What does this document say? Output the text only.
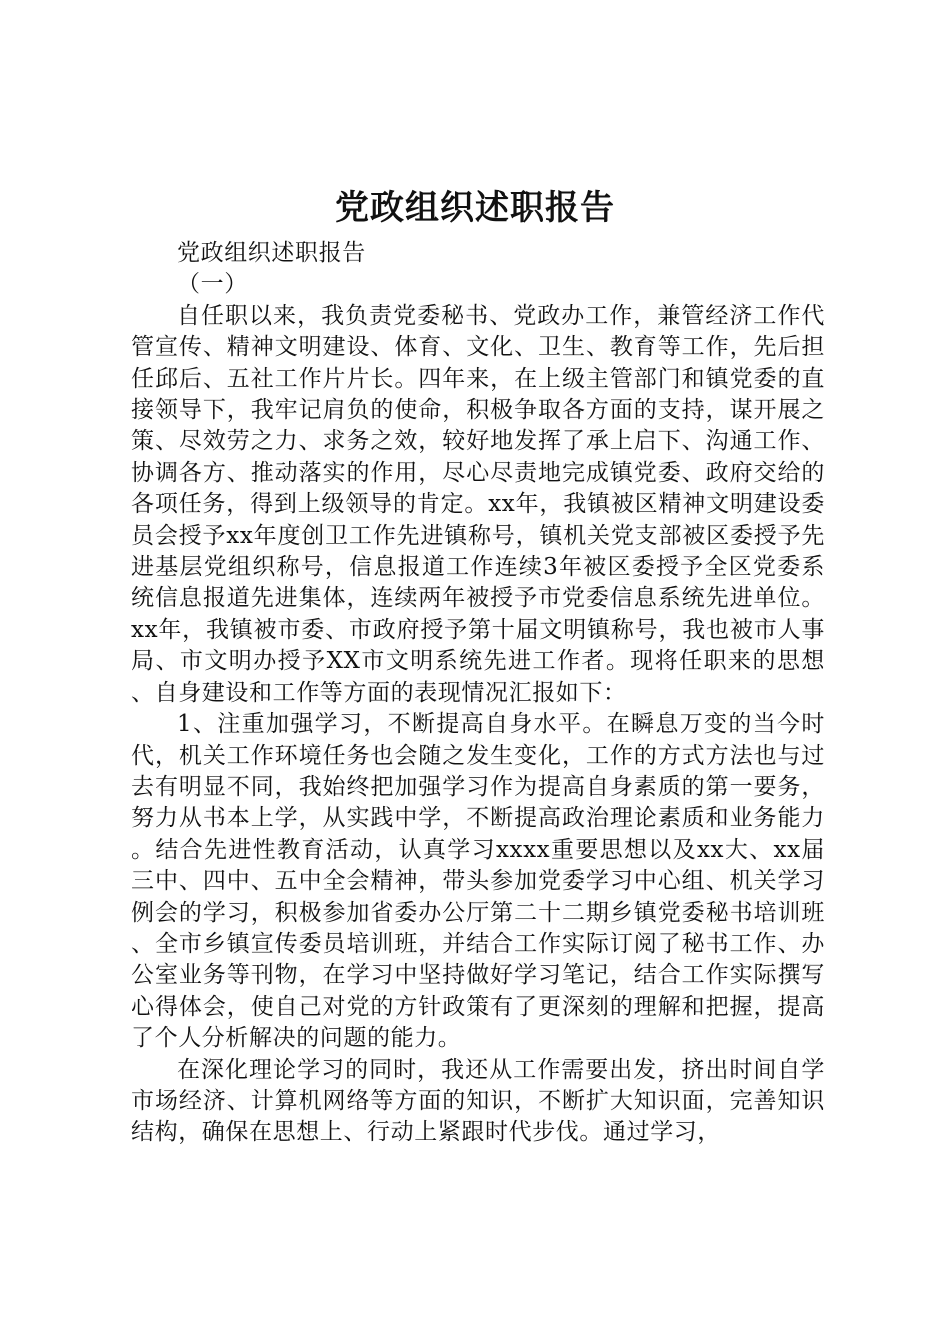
党政组织述职报告

党政组织述职报告

（一）

自任职以来，我负责党委秘书、党政办工作，兼管经济工作代管宣传、精神文明建设、体育、文化、卫生、教育等工作，先后担任邱后、五社工作片片长。四年来，在上级主管部门和镇党委的直接领导下，我牢记肩负的使命，积极争取各方面的支持，谋开展之策、尽效劳之力、求务之效，较好地发挥了承上启下、沟通工作、协调各方、推动落实的作用，尽心尽责地完成镇党委、政府交给的各项任务，得到上级领导的肯定。xx年，我镇被区精神文明建设委员会授予xx年度创卫工作先进镇称号，镇机关党支部被区委授予先进基层党组织称号，信息报道工作连续3年被区委授予全区党委系统信息报道先进集体，连续两年被授予市党委信息系统先进单位。xx年，我镇被市委、市政府授予第十届文明镇称号，我也被市人事局、市文明办授予XX市文明系统先进工作者。现将任职来的思想、自身建设和工作等方面的表现情况汇报如下：

1、注重加强学习，不断提高自身水平。在瞬息万变的当今时代，机关工作环境任务也会随之发生变化，工作的方式方法也与过去有明显不同，我始终把加强学习作为提高自身素质的第一要务，努力从书本上学，从实践中学，不断提高政治理论素质和业务能力。结合先进性教育活动，认真学习xxxx重要思想以及xx大、xx届三中、四中、五中全会精神，带头参加党委学习中心组、机关学习例会的学习，积极参加省委办公厅第二十二期乡镇党委秘书培训班、全市乡镇宣传委员培训班，并结合工作实际订阅了秘书工作、办公室业务等刊物，在学习中坚持做好学习笔记，结合工作实际撰写心得体会，使自己对党的方针政策有了更深刻的理解和把握，提高了个人分析解决的问题的能力。

在深化理论学习的同时，我还从工作需要出发，挤出时间自学市场经济、计算机网络等方面的知识，不断扩大知识面，完善知识结构，确保在思想上、行动上紧跟时代步伐。通过学习，
